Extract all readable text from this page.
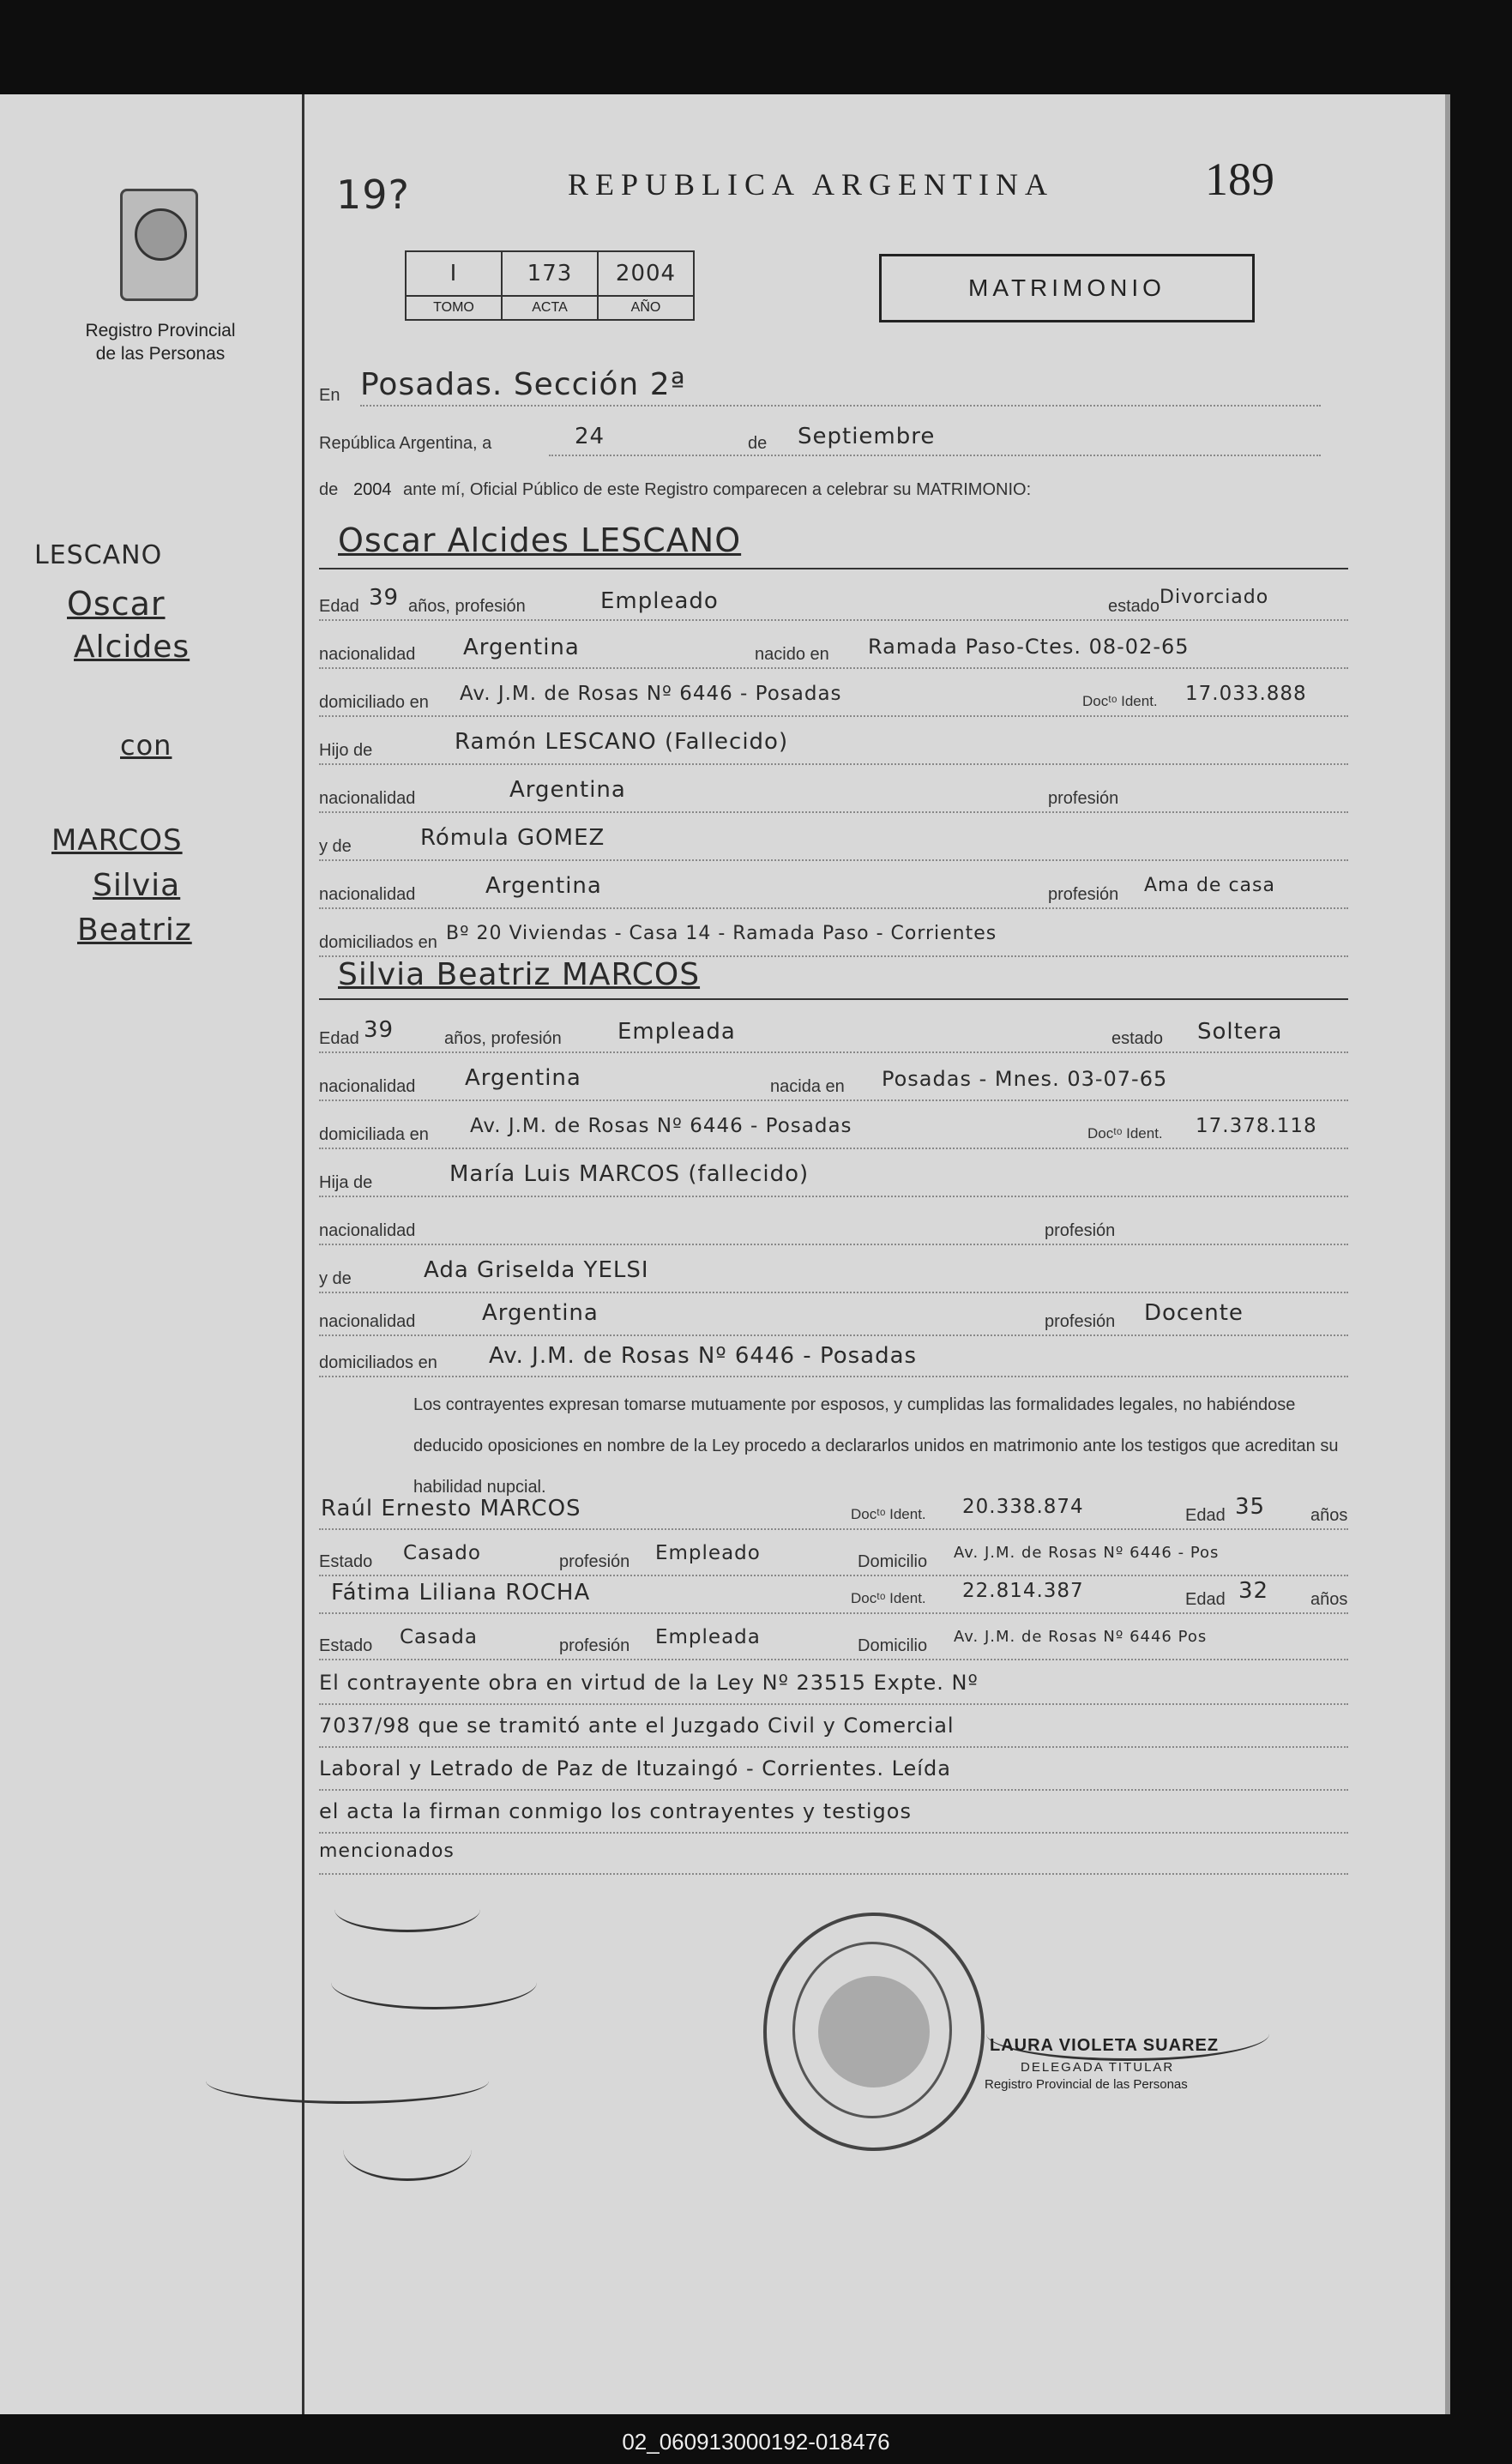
Registro Provincial de las Personas
LESCANO
Oscar
Alcides
con
MARCOS
Silvia
Beatriz
19?	REPUBLICA ARGENTINA	189
I	173	2004
TOMO	ACTA	AÑO
MATRIMONIO
En Posadas. Sección 2ª
República Argentina, a	24	de Septiembre
de 2004 ante mí, Oficial Público de este Registro comparecen a celebrar su MATRIMONIO:
Oscar Alcides LESCANO
Edad 39 años, profesión	Empleado	estado Divorciado
nacionalidad Argentina	nacido en Ramada Paso-Ctes. 08-02-65
domiciliado en Av. J.M. de Rosas Nº 6446 - Posadas	Docᵗᵒ Ident. 17.033.888
Hijo de	Ramón LESCANO (Fallecido)
nacionalidad	Argentina	profesión
y de	Rómula GOMEZ
nacionalidad	Argentina	profesión Ama de casa
domiciliados en Bº 20 Viviendas - Casa 14 - Ramada Paso - Corrientes
Silvia Beatriz MARCOS
Edad 39	años, profesión	Empleada	estado Soltera
nacionalidad Argentina	nacida en Posadas - Mnes. 03-07-65
domiciliada en Av. J.M. de Rosas Nº 6446 - Posadas	Docᵗᵒ Ident. 17.378.118
Hija de	María Luis MARCOS (fallecido)
nacionalidad	profesión
y de	Ada Griselda YELSI
nacionalidad	Argentina	profesión Docente
domiciliados en Av. J.M. de Rosas Nº 6446 - Posadas
Los contrayentes expresan tomarse mutuamente por esposos, y cumplidas las formalidades legales, no habiéndose deducido oposiciones en nombre de la Ley procedo a declararlos unidos en matrimonio ante los testigos que acreditan su habilidad nupcial.
Raúl Ernesto MARCOS	Docᵗᵒ Ident. 20.338.874	Edad 35	años
Estado Casado	profesión Empleado	Domicilio Av. J.M. de Rosas Nº 6446 - Pos
Fátima Liliana ROCHA	Docᵗᵒ Ident. 22.814.387	Edad 32 años
Estado Casada	profesión Empleada	Domicilio Av. J.M. de Rosas Nº 6446 Pos
El contrayente obra en virtud de la Ley Nº 23515 Expte. Nº
7037/98 que se tramitó ante el Juzgado Civil y Comercial
Laboral y Letrado de Paz de Ituzaingó - Corrientes. Leída
el acta la firman conmigo los contrayentes y testigos
mencionados
LAURA VIOLETA SUAREZ
DELEGADA TITULAR
Registro Provincial de las Personas
02_060913000192-018476
